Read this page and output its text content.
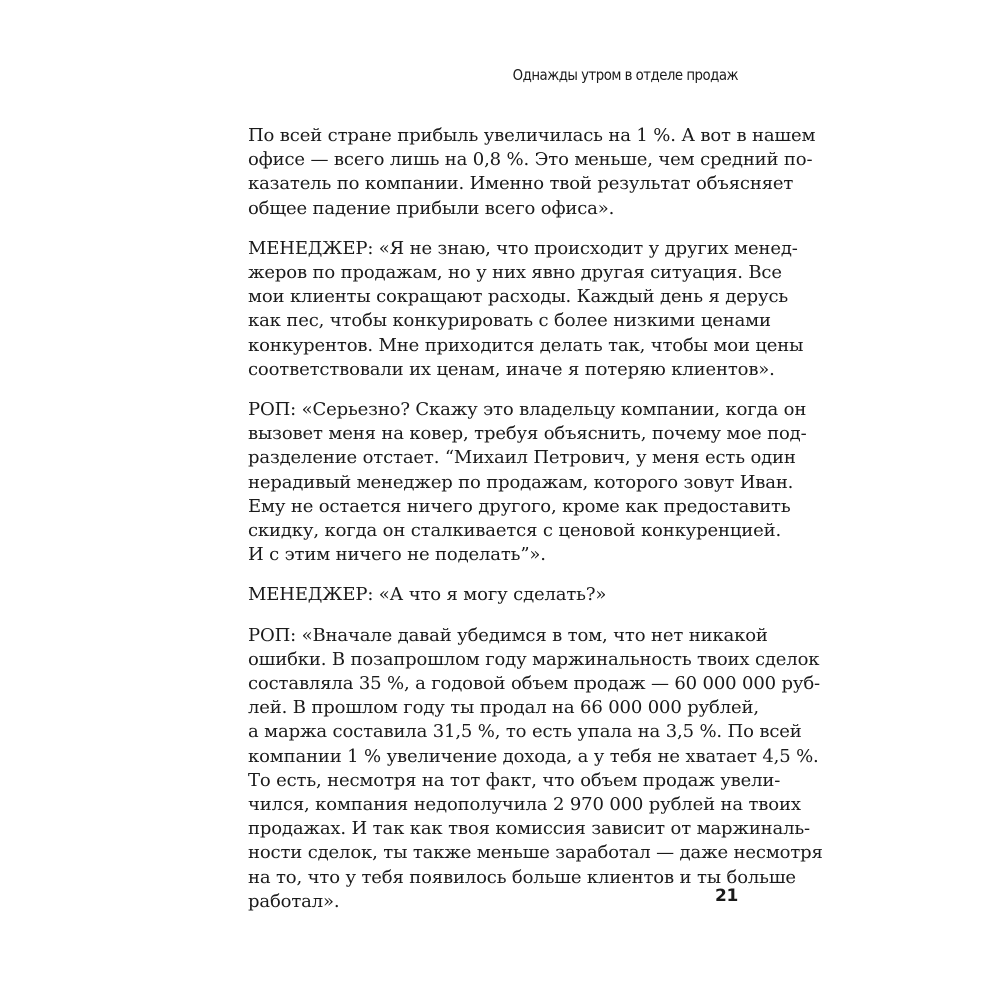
Однажды утром в отделе продаж

По всей стране прибыль увеличилась на 1 %. А вот в нашем
офисе — всего лишь на 0,8 %. Это меньше, чем средний по-
казатель по компании. Именно твой результат объясняет
общее падение прибыли всего офиса».

МЕНЕДЖЕР: «Я не знаю, что происходит у других менед-
жеров по продажам, но у них явно другая ситуация. Все
мои клиенты сокращают расходы. Каждый день я дерусь
как пес, чтобы конкурировать с более низкими ценами
конкурентов. Мне приходится делать так, чтобы мои цены
соответствовали их ценам, иначе я потеряю клиентов».

РОП: «Серьезно? Скажу это владельцу компании, когда он
вызовет меня на ковер, требуя объяснить, почему мое под-
разделение отстает. “Михаил Петрович, у меня есть один
нерадивый менеджер по продажам, которого зовут Иван.
Ему не остается ничего другого, кроме как предоставить
скидку, когда он сталкивается с ценовой конкуренцией.
И с этим ничего не поделать”».

МЕНЕДЖЕР: «А что я могу сделать?»

РОП: «Вначале давай убедимся в том, что нет никакой
ошибки. В позапрошлом году маржинальность твоих сделок
составляла 35 %, а годовой объем продаж — 60 000 000 руб-
лей. В прошлом году ты продал на 66 000 000 рублей,
а маржа составила 31,5 %, то есть упала на 3,5 %. По всей
компании 1 % увеличение дохода, а у тебя не хватает 4,5 %.
То есть, несмотря на тот факт, что объем продаж увели-
чился, компания недополучила 2 970 000 рублей на твоих
продажах. И так как твоя комиссия зависит от маржиналь-
ности сделок, ты также меньше заработал — даже несмотря
на то, что у тебя появилось больше клиентов и ты больше
работал».	21
